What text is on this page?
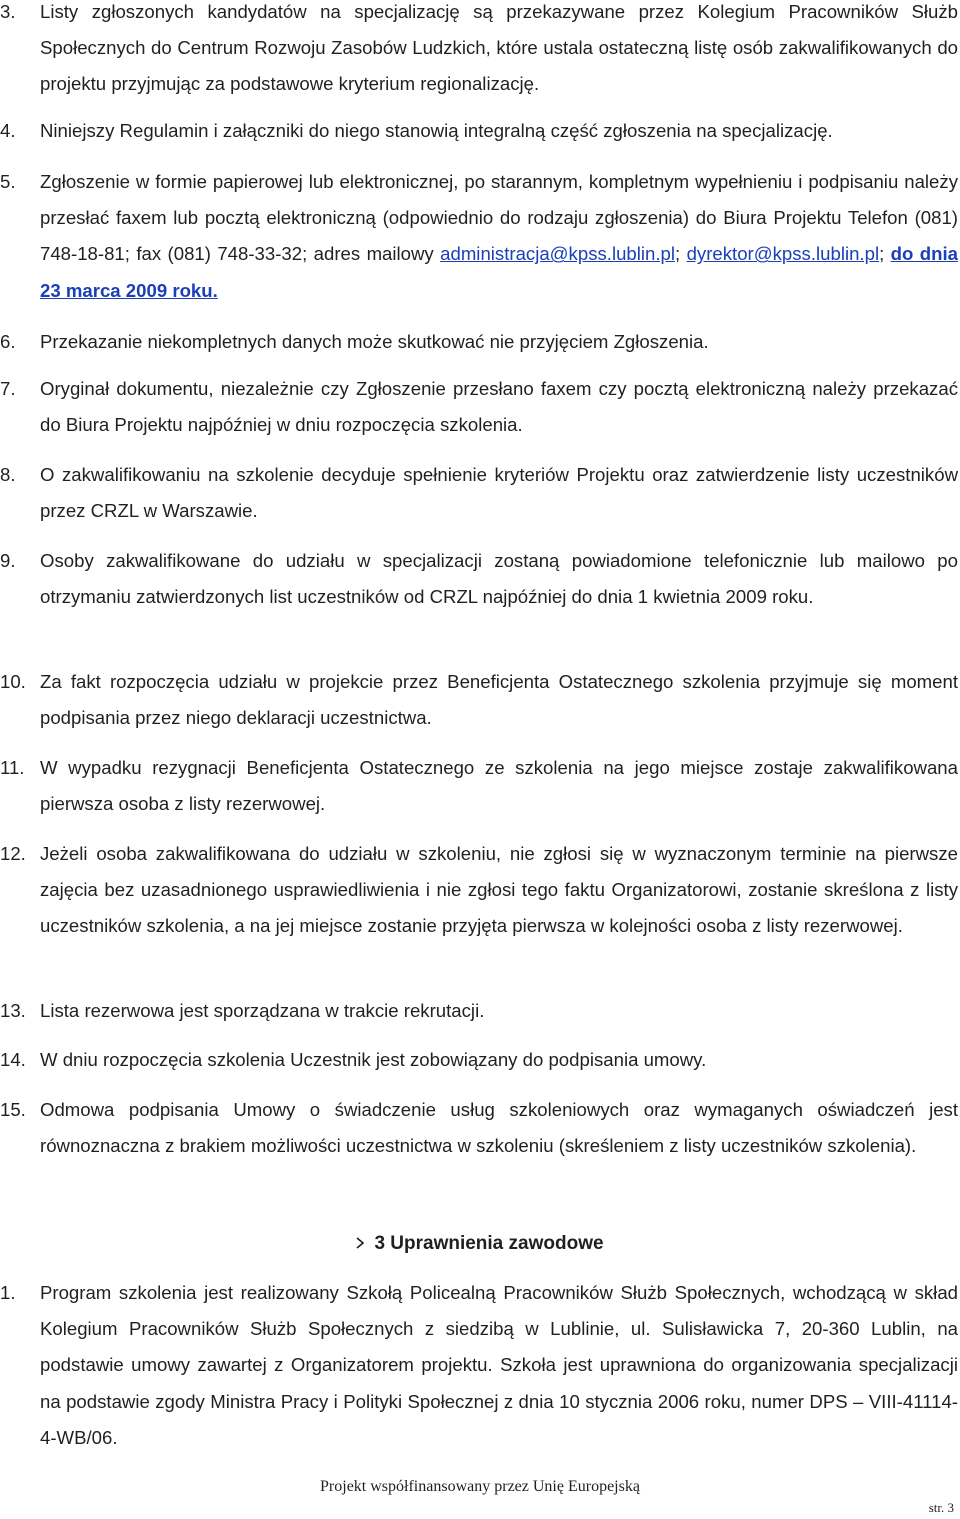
3. Listy zgłoszonych kandydatów na specjalizację są przekazywane przez Kolegium Pracowników Służb Społecznych do Centrum Rozwoju Zasobów Ludzkich, które ustala ostateczną listę osób zakwalifikowanych do projektu przyjmując za podstawowe kryterium regionalizację.
4. Niniejszy Regulamin i załączniki do niego stanowią integralną część zgłoszenia na specjalizację.
5. Zgłoszenie w formie papierowej lub elektronicznej, po starannym, kompletnym wypełnieniu i podpisaniu należy przesłać faxem lub pocztą elektroniczną (odpowiednio do rodzaju zgłoszenia) do Biura Projektu Telefon (081) 748-18-81; fax (081) 748-33-32; adres mailowy administracja@kpss.lublin.pl; dyrektor@kpss.lublin.pl; do dnia 23 marca 2009 roku.
6. Przekazanie niekompletnych danych może skutkować nie przyjęciem Zgłoszenia.
7. Oryginał dokumentu, niezależnie czy Zgłoszenie przesłano faxem czy pocztą elektroniczną należy przekazać do Biura Projektu najpóźniej w dniu rozpoczęcia szkolenia.
8. O zakwalifikowaniu na szkolenie decyduje spełnienie kryteriów Projektu oraz zatwierdzenie listy uczestników przez CRZL w Warszawie.
9. Osoby zakwalifikowane do udziału w specjalizacji zostaną powiadomione telefonicznie lub mailowo po otrzymaniu zatwierdzonych list uczestników od CRZL najpóźniej do dnia 1 kwietnia 2009 roku.
10. Za fakt rozpoczęcia udziału w projekcie przez Beneficjenta Ostatecznego szkolenia przyjmuje się moment podpisania przez niego deklaracji uczestnictwa.
11. W wypadku rezygnacji Beneficjenta Ostatecznego ze szkolenia na jego miejsce zostaje zakwalifikowana pierwsza osoba z listy rezerwowej.
12. Jeżeli osoba zakwalifikowana do udziału w szkoleniu, nie zgłosi się w wyznaczonym terminie na pierwsze zajęcia bez uzasadnionego usprawiedliwienia i nie zgłosi tego faktu Organizatorowi, zostanie skreślona z listy uczestników szkolenia, a na jej miejsce zostanie przyjęta pierwsza w kolejności osoba z listy rezerwowej.
13. Lista rezerwowa jest sporządzana w trakcie rekrutacji.
14. W dniu rozpoczęcia szkolenia Uczestnik jest zobowiązany do podpisania umowy.
15. Odmowa podpisania Umowy o świadczenie usług szkoleniowych oraz wymaganych oświadczeń jest równoznaczna z brakiem możliwości uczestnictwa w szkoleniu (skreśleniem z listy uczestników szkolenia).
3 Uprawnienia zawodowe
1. Program szkolenia jest realizowany Szkołą Policealną Pracowników Służb Społecznych, wchodzącą w skład Kolegium Pracowników Służb Społecznych z siedzibą w Lublinie, ul. Sulisławicka 7, 20-360 Lublin, na podstawie umowy zawartej z Organizatorem projektu. Szkoła jest uprawniona do organizowania specjalizacji na podstawie zgody Ministra Pracy i Polityki Społecznej z dnia 10 stycznia 2006 roku, numer DPS – VIII-41114-4-WB/06.
Projekt współfinansowany przez Unię Europejską
str. 3
